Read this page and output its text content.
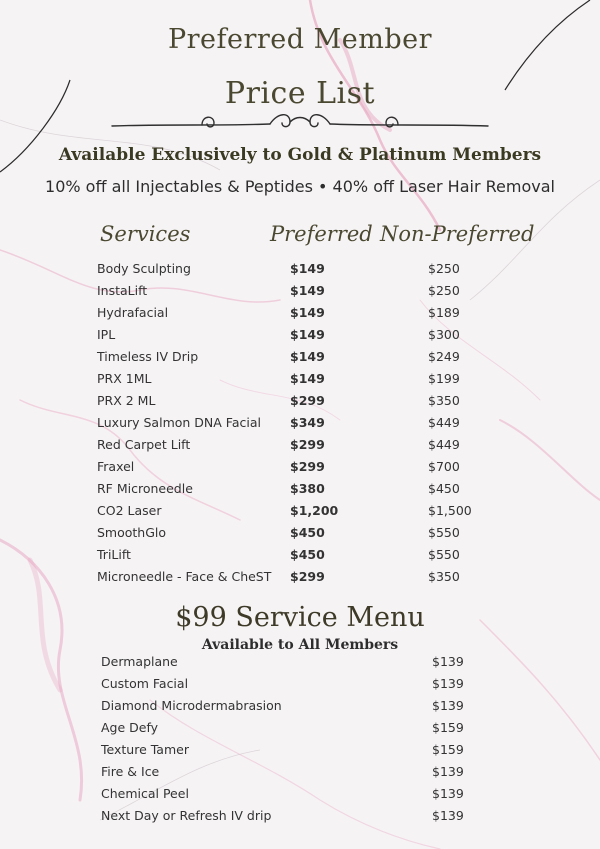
Preferred Member
Price List
Available Exclusively to Gold & Platinum Members
10% off all Injectables & Peptides • 40% off Laser Hair Removal
Services	Preferred Non-Preferred
Body Sculpting	$149	$250
InstaLift	$149	$250
Hydrafacial	$149	$189
IPL	$149	$300
Timeless IV Drip	$149	$249
PRX 1ML	$149	$199
PRX 2 ML	$299	$350
Luxury Salmon DNA Facial $349	$449
Red Carpet Lift	$299	$449
Fraxel	$299	$700
RF Microneedle	$380	$450
CO2 Laser	$1,200	$1,500
SmoothGlo	$450	$550
TriLift	$450	$550
Microneedle - Face & CheST $299	$350
$99 Service Menu
Available to All Members
Dermaplane	$139
Custom Facial	$139
Diamond Microdermabrasion	$139
Age Defy	$159
Texture Tamer	$159
Fire & Ice	$139
Chemical Peel	$139
Next Day or Refresh IV drip	$139
